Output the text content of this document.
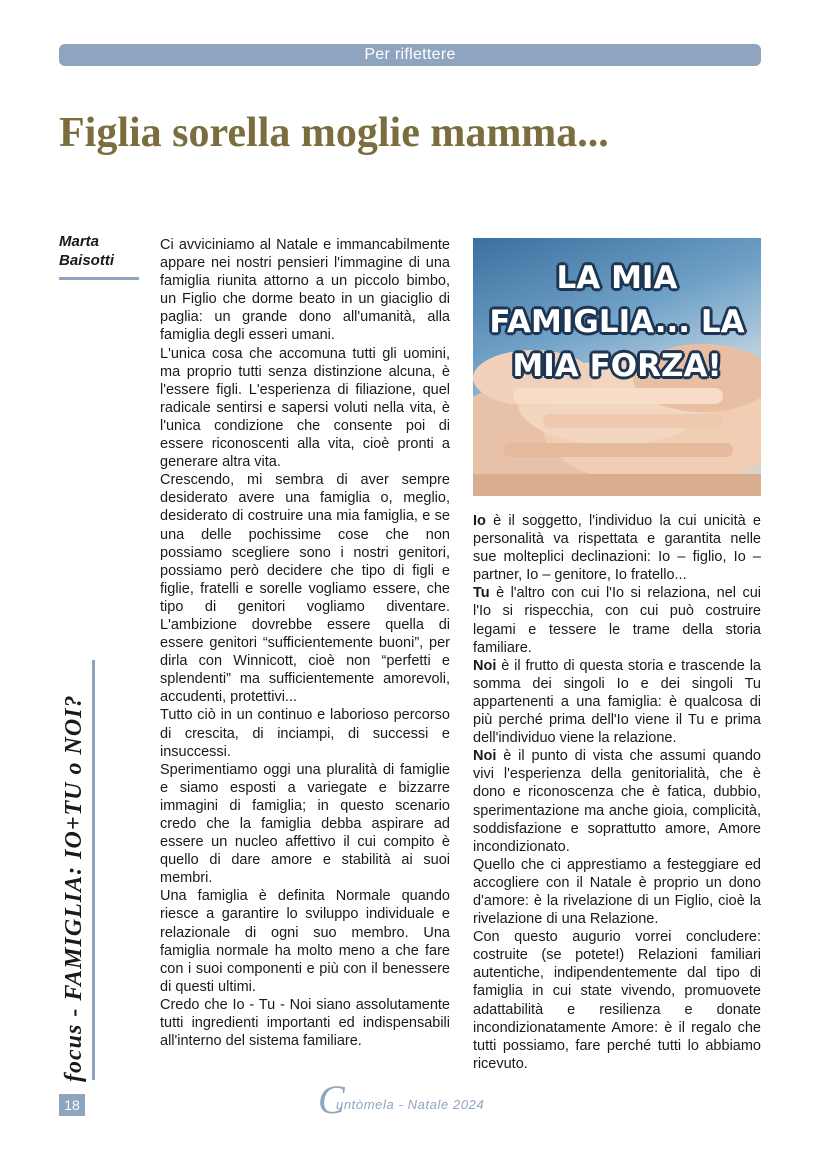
Per riflettere
Figlia sorella moglie mamma...
Marta
Baisotti
focus - FAMIGLIA: IO+TU o NOI?

Ci avviciniamo al Natale e immancabilmente appare nei nostri pensieri l'immagine di una famiglia riunita attorno a un piccolo bimbo, un Figlio che dorme beato in un giaciglio di paglia: un grande dono all'umanità, alla famiglia degli esseri umani.

L'unica cosa che accomuna tutti gli uomini, ma proprio tutti senza distinzione alcuna, è l'essere figli. L'esperienza di filiazione, quel radicale sentirsi e sapersi voluti nella vita, è l'unica condizione che consente poi di essere riconoscenti alla vita, cioè pronti a generare altra vita.

Crescendo, mi sembra di aver sempre desiderato avere una famiglia o, meglio, desiderato di costruire una mia famiglia, e se una delle pochissime cose che non possiamo scegliere sono i nostri genitori, possiamo però decidere che tipo di figli e figlie, fratelli e sorelle vogliamo essere, che tipo di genitori vogliamo diventare. L'ambizione dovrebbe essere quella di essere genitori “sufficientemente buoni”, per dirla con Winnicott, cioè non “perfetti e splendenti” ma sufficientemente amorevoli, accudenti, protettivi...

Tutto ciò in un continuo e laborioso percorso di crescita, di inciampi, di successi e insuccessi.

Sperimentiamo oggi una pluralità di famiglie e siamo esposti a variegate e bizzarre immagini di famiglia; in questo scenario credo che la famiglia debba aspirare ad essere un nucleo affettivo il cui compito è quello di dare amore e stabilità ai suoi membri.

Una famiglia è definita Normale quando riesce a garantire lo sviluppo individuale e relazionale di ogni suo membro. Una famiglia normale ha molto meno a che fare con i suoi componenti e più con il benessere di questi ultimi.

Credo che Io - Tu - Noi siano assolutamente tutti ingredienti importanti ed indispensabili all'interno del sistema familiare.

LA MIA
FAMIGLIA... LA
MIA FORZA!

Io è il soggetto, l'individuo la cui unicità e personalità va rispettata e garantita nelle sue molteplici declinazioni: Io – figlio, Io – partner, Io – genitore, Io fratello...

Tu è l'altro con cui l'Io si relaziona, nel cui l'Io si rispecchia, con cui può costruire legami e tessere le trame della storia familiare.

Noi è il frutto di questa storia e trascende la somma dei singoli Io e dei singoli Tu appartenenti a una famiglia: è qualcosa di più perché prima dell'Io viene il Tu e prima dell'individuo viene la relazione.

Noi è il punto di vista che assumi quando vivi l'esperienza della genitorialità, che è dono e riconoscenza che è fatica, dubbio, sperimentazione ma anche gioia, complicità, soddisfazione e soprattutto amore, Amore incondizionato.

Quello che ci apprestiamo a festeggiare ed accogliere con il Natale è proprio un dono d'amore: è la rivelazione di un Figlio, cioè la rivelazione di una Relazione.

Con questo augurio vorrei concludere: costruite (se potete!) Relazioni familiari autentiche, indipendentemente dal tipo di famiglia in cui state vivendo, promuovete adattabilità e resilienza e donate incondizionatamente Amore: è il regalo che tutti possiamo, fare perché tutti lo abbiamo ricevuto.

18	C
untòmela - Natale 2024
